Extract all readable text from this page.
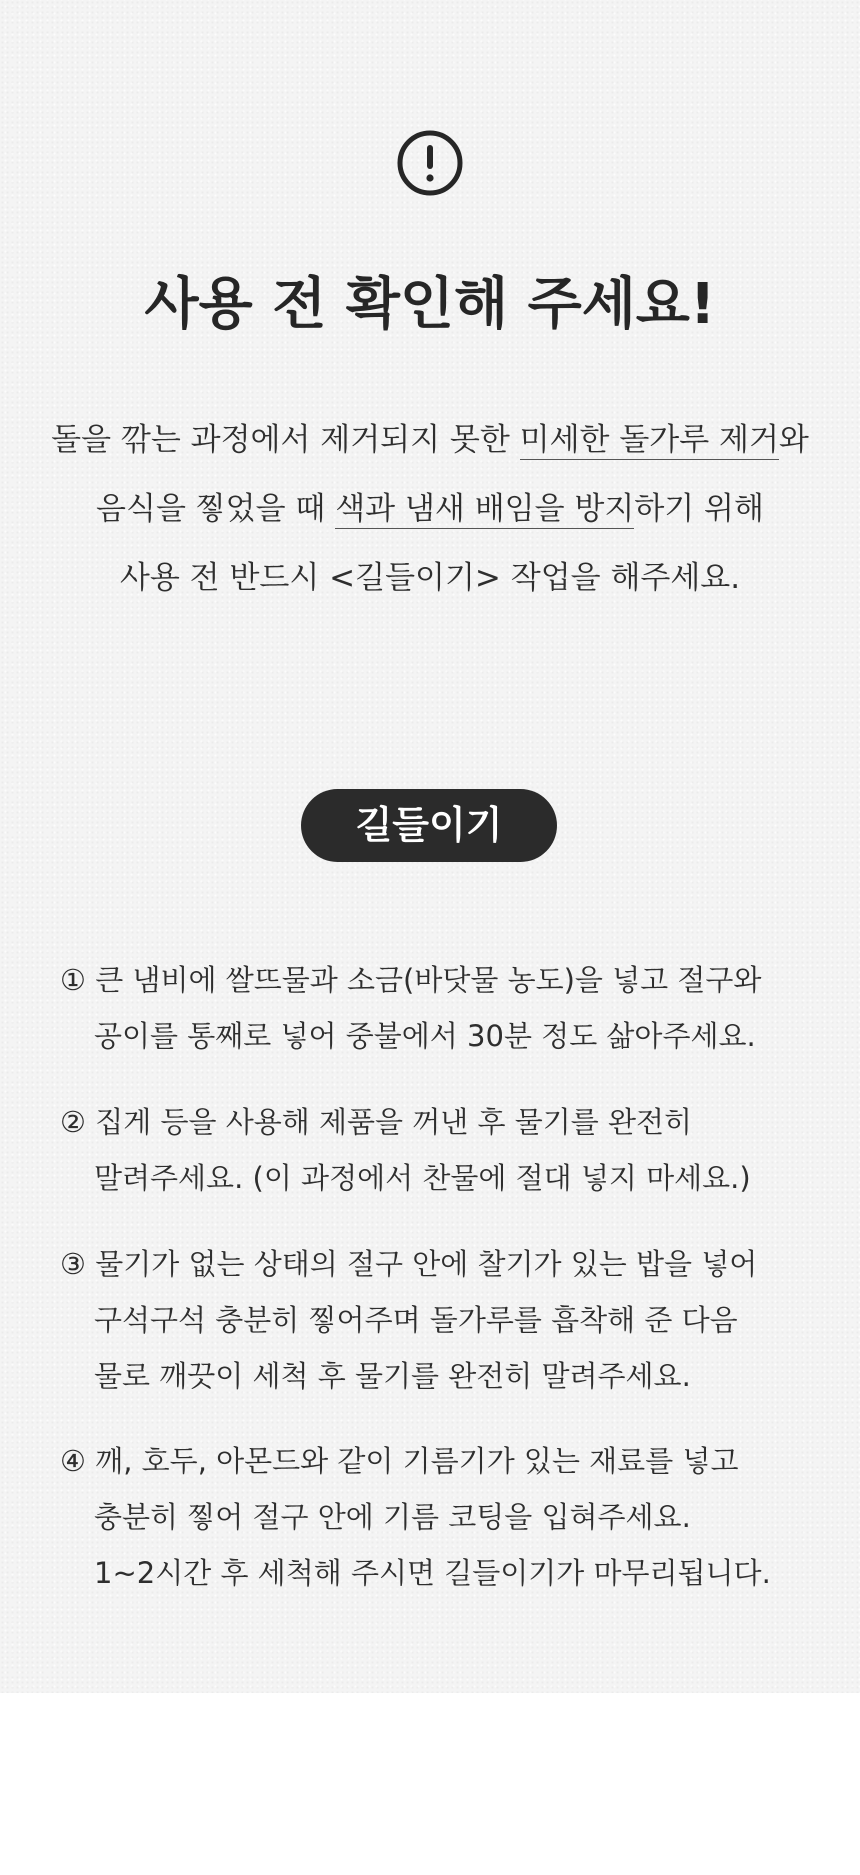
사용 전 확인해 주세요!
돌을 깎는 과정에서 제거되지 못한 미세한 돌가루 제거와
음식을 찧었을 때 색과 냄새 배임을 방지하기 위해
사용 전 반드시 <길들이기> 작업을 해주세요.
길들이기
① 큰 냄비에 쌀뜨물과 소금(바닷물 농도)을 넣고 절구와
공이를 통째로 넣어 중불에서 30분 정도 삶아주세요.
② 집게 등을 사용해 제품을 꺼낸 후 물기를 완전히
말려주세요. (이 과정에서 찬물에 절대 넣지 마세요.)
③ 물기가 없는 상태의 절구 안에 찰기가 있는 밥을 넣어
구석구석 충분히 찧어주며 돌가루를 흡착해 준 다음
물로 깨끗이 세척 후 물기를 완전히 말려주세요.
④ 깨, 호두, 아몬드와 같이 기름기가 있는 재료를 넣고
충분히 찧어 절구 안에 기름 코팅을 입혀주세요.
1~2시간 후 세척해 주시면 길들이기가 마무리됩니다.
